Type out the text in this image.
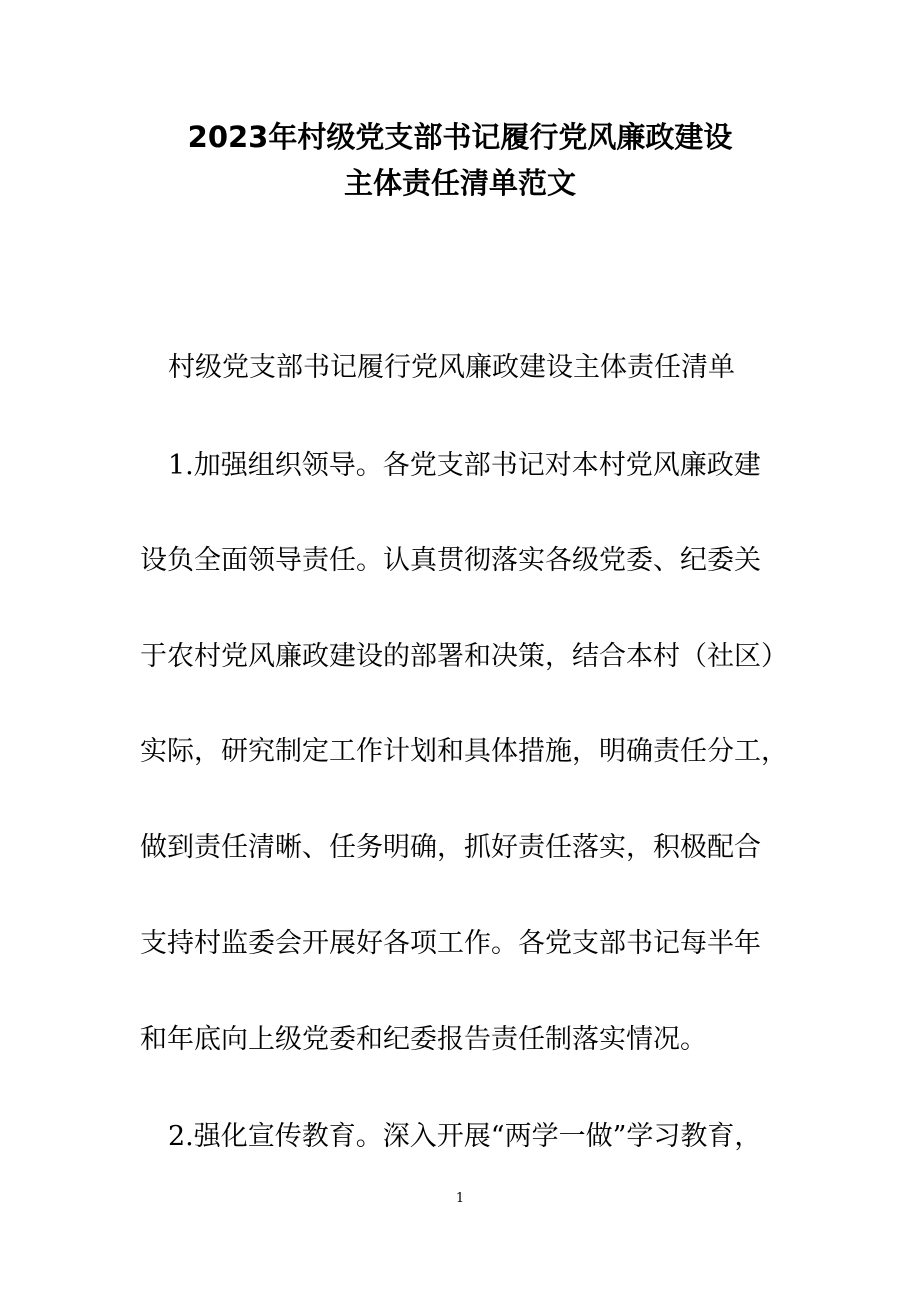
2023年村级党支部书记履行党风廉政建设
主体责任清单范文
村级党支部书记履行党风廉政建设主体责任清单
1.加强组织领导。各党支部书记对本村党风廉政建
设负全面领导责任。认真贯彻落实各级党委、纪委关
于农村党风廉政建设的部署和决策，结合本村（社区）
实际，研究制定工作计划和具体措施，明确责任分工，
做到责任清晰、任务明确，抓好责任落实，积极配合
支持村监委会开展好各项工作。各党支部书记每半年
和年底向上级党委和纪委报告责任制落实情况。
2.强化宣传教育。深入开展“两学一做”学习教育，
1
